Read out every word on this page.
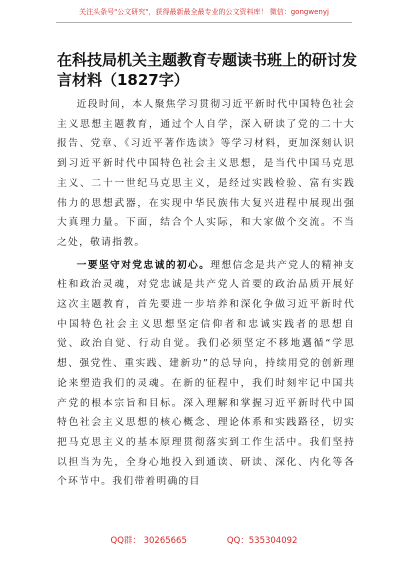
关注头条号"公文研究"，获得最新最全最专业的公文资料库！ 微信：gongwenyj
在科技局机关主题教育专题读书班上的研讨发言材料（1827字）

近段时间，本人聚焦学习贯彻习近平新时代中国特色社会主义思想主题教育，通过个人自学，深入研读了党的二十大报告、党章、《习近平著作选读》等学习材料，更加深刻认识到习近平新时代中国特色社会主义思想，是当代中国马克思主义、二十一世纪马克思主义，是经过实践检验、富有实践伟力的思想武器，在实现中华民族伟大复兴进程中展现出强大真理力量。下面，结合个人实际，和大家做个交流。不当之处，敬请指教。

一要坚守对党忠诚的初心。理想信念是共产党人的精神支柱和政治灵魂，对党忠诚是共产党人首要的政治品质开展好这次主题教育，首先要进一步培养和深化争做习近平新时代中国特色社会主义思想坚定信仰者和忠诚实践者的思想自觉、政治自觉、行动自觉。我们必须坚定不移地邁循“学思想、强党性、重实践、建新功”的总导向，持续用党的创新理论来塑造我们的灵魂。在新的征程中，我们时刻牢记中国共产党的根本宗旨和目标。深入理解和掌握习近平新时代中国特色社会主义思想的核心概念、理论体系和实践路径，切实把马克思主义的基本原理贯彻落实到工作生活中。我们坚持以担当为先，全身心地投入到通读、研读、深化、内化等各个环节中。我们带着明确的目

QQ群： 30265665	QQ：535304092
